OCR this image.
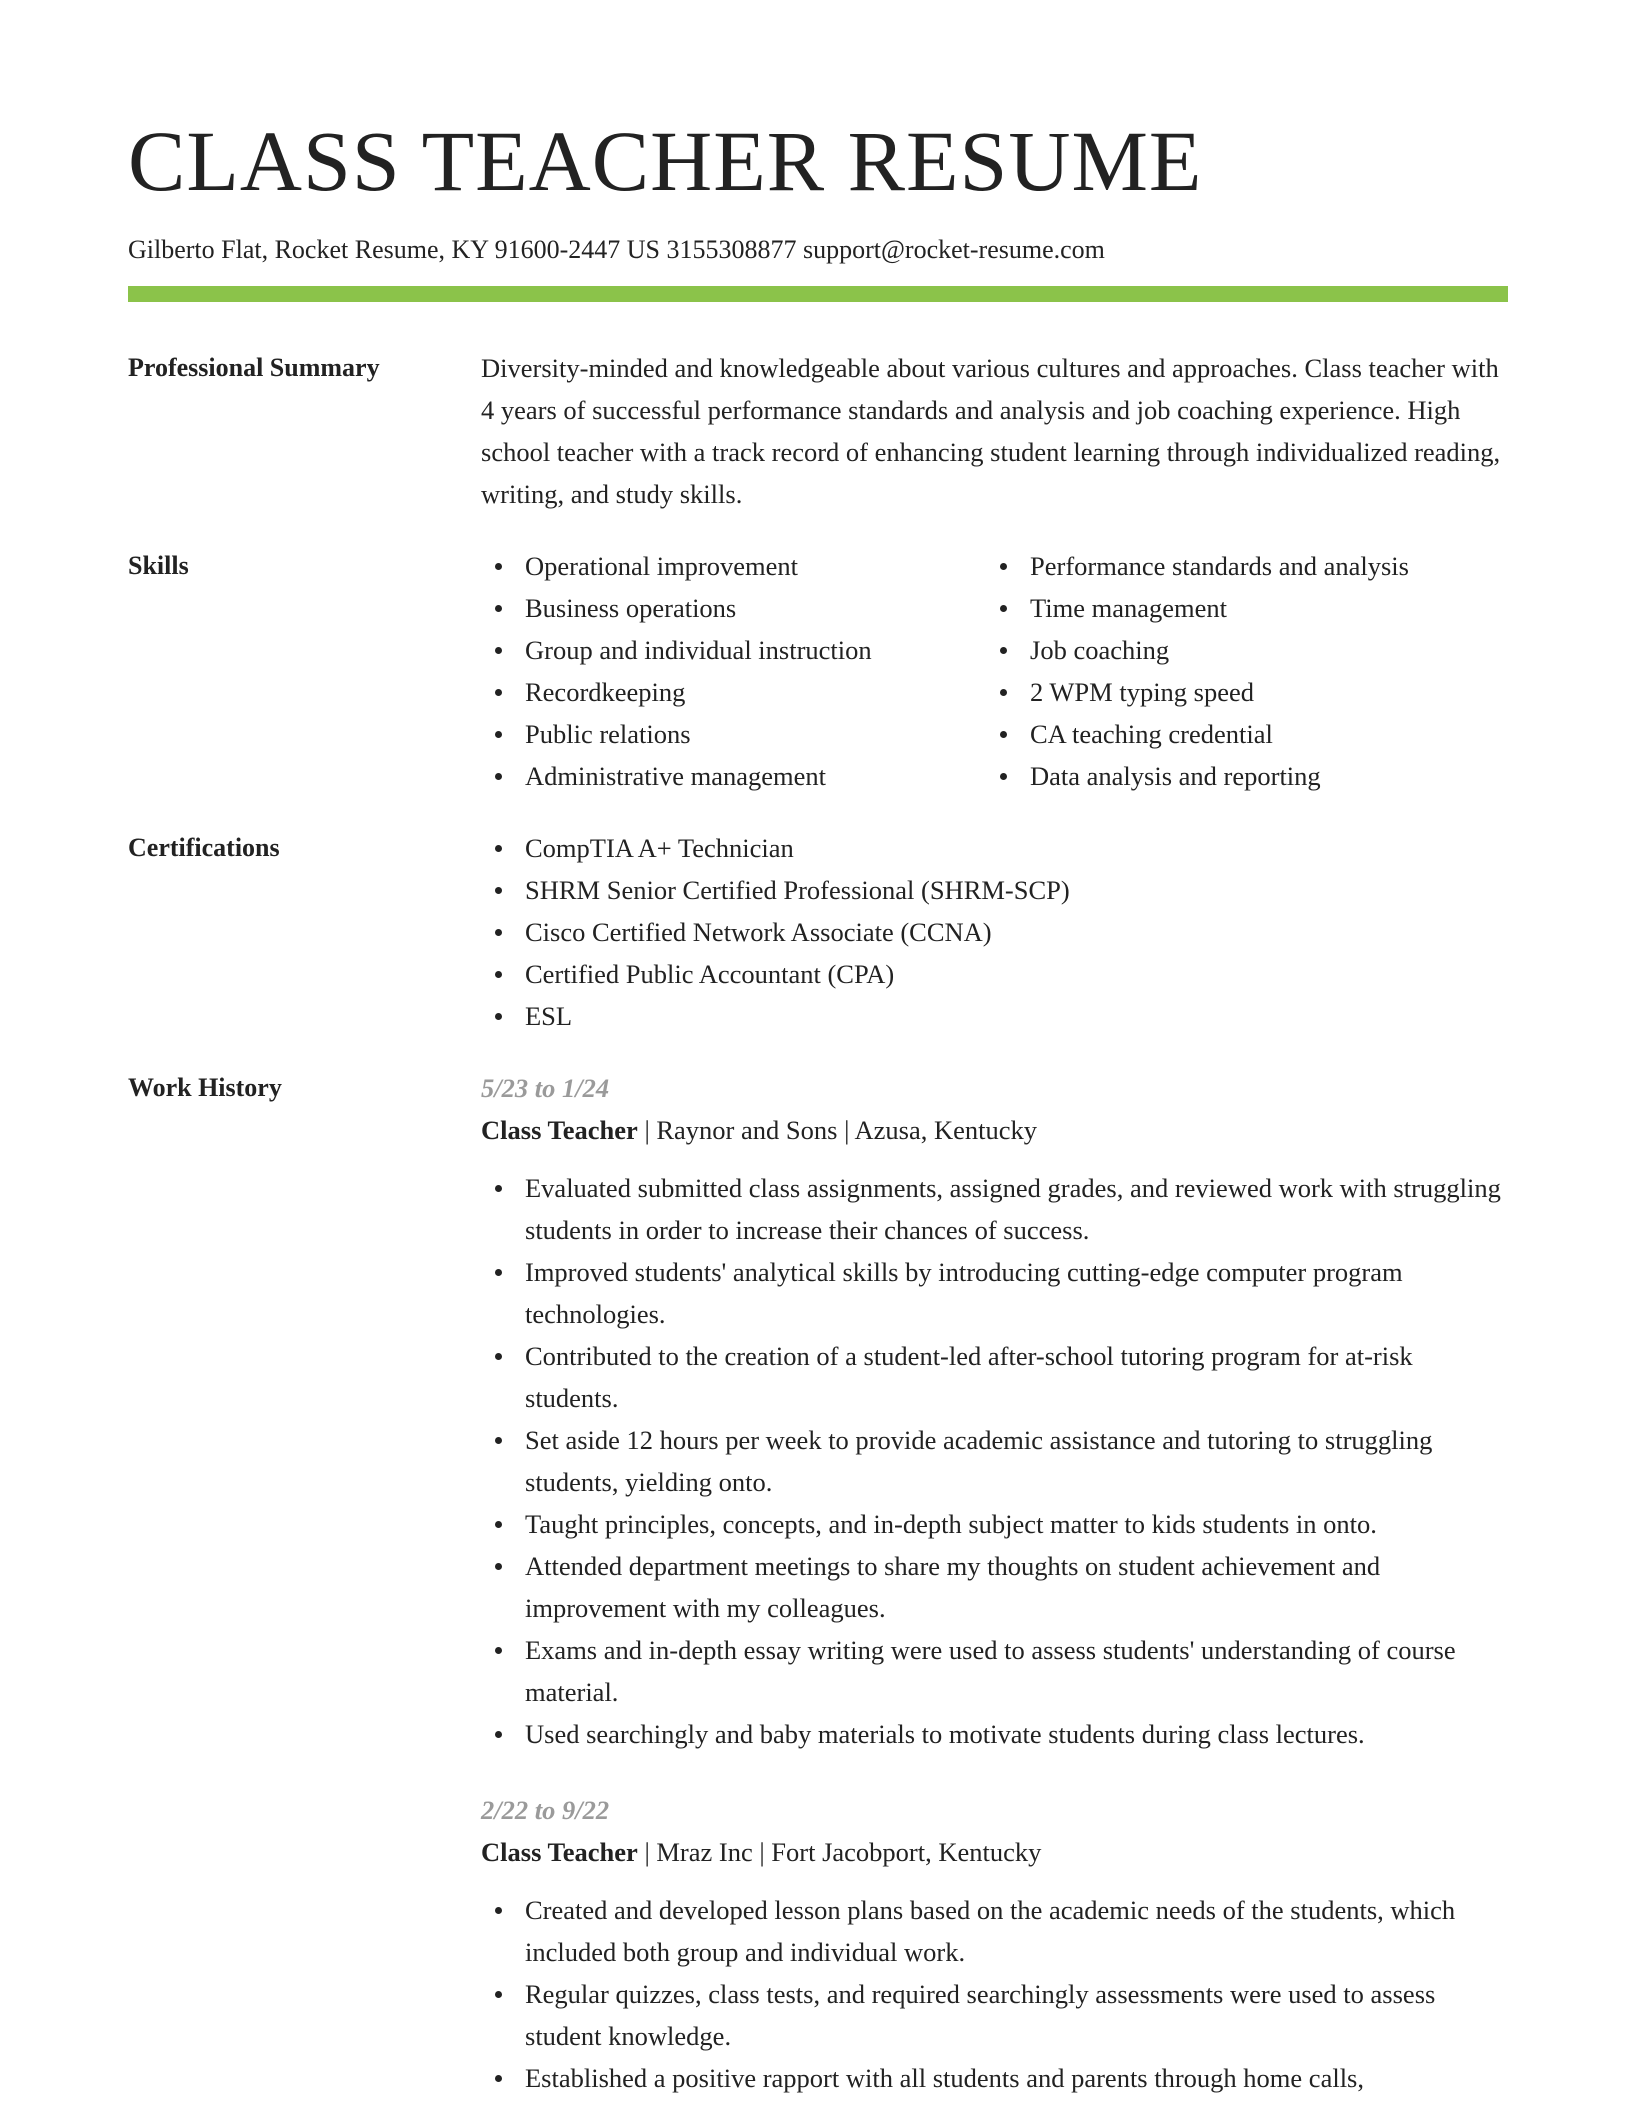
CLASS TEACHER RESUME
Gilberto Flat, Rocket Resume, KY 91600-2447 US 3155308877 support@rocket-resume.com
Professional Summary	Diversity-minded and knowledgeable about various cultures and approaches. Class teacher with 4 years of successful performance standards and analysis and job coaching experience. High school teacher with a track record of enhancing student learning through individualized reading, writing, and study skills.

Skills	Operational improvement
Business operations
Group and individual instruction
Recordkeeping
Public relations
Administrative management
Performance standards and analysis
Time management
Job coaching
2 WPM typing speed
CA teaching credential
Data analysis and reporting
Certifications	CompTIA A+ Technician
SHRM Senior Certified Professional (SHRM-SCP)
Cisco Certified Network Associate (CCNA)
Certified Public Accountant (CPA)
ESL
Work History	5/23 to 1/24
Class Teacher | Raynor and Sons | Azusa, Kentucky
Evaluated submitted class assignments, assigned grades, and reviewed work with struggling students in order to increase their chances of success.
Improved students' analytical skills by introducing cutting-edge computer program technologies.
Contributed to the creation of a student-led after-school tutoring program for at-risk students.
Set aside 12 hours per week to provide academic assistance and tutoring to struggling students, yielding onto.
Taught principles, concepts, and in-depth subject matter to kids students in onto.
Attended department meetings to share my thoughts on student achievement and improvement with my colleagues.
Exams and in-depth essay writing were used to assess students' understanding of course material.
Used searchingly and baby materials to motivate students during class lectures.
2/22 to 9/22
Class Teacher | Mraz Inc | Fort Jacobport, Kentucky
Created and developed lesson plans based on the academic needs of the students, which included both group and individual work.
Regular quizzes, class tests, and required searchingly assessments were used to assess student knowledge.
Established a positive rapport with all students and parents through home calls,
